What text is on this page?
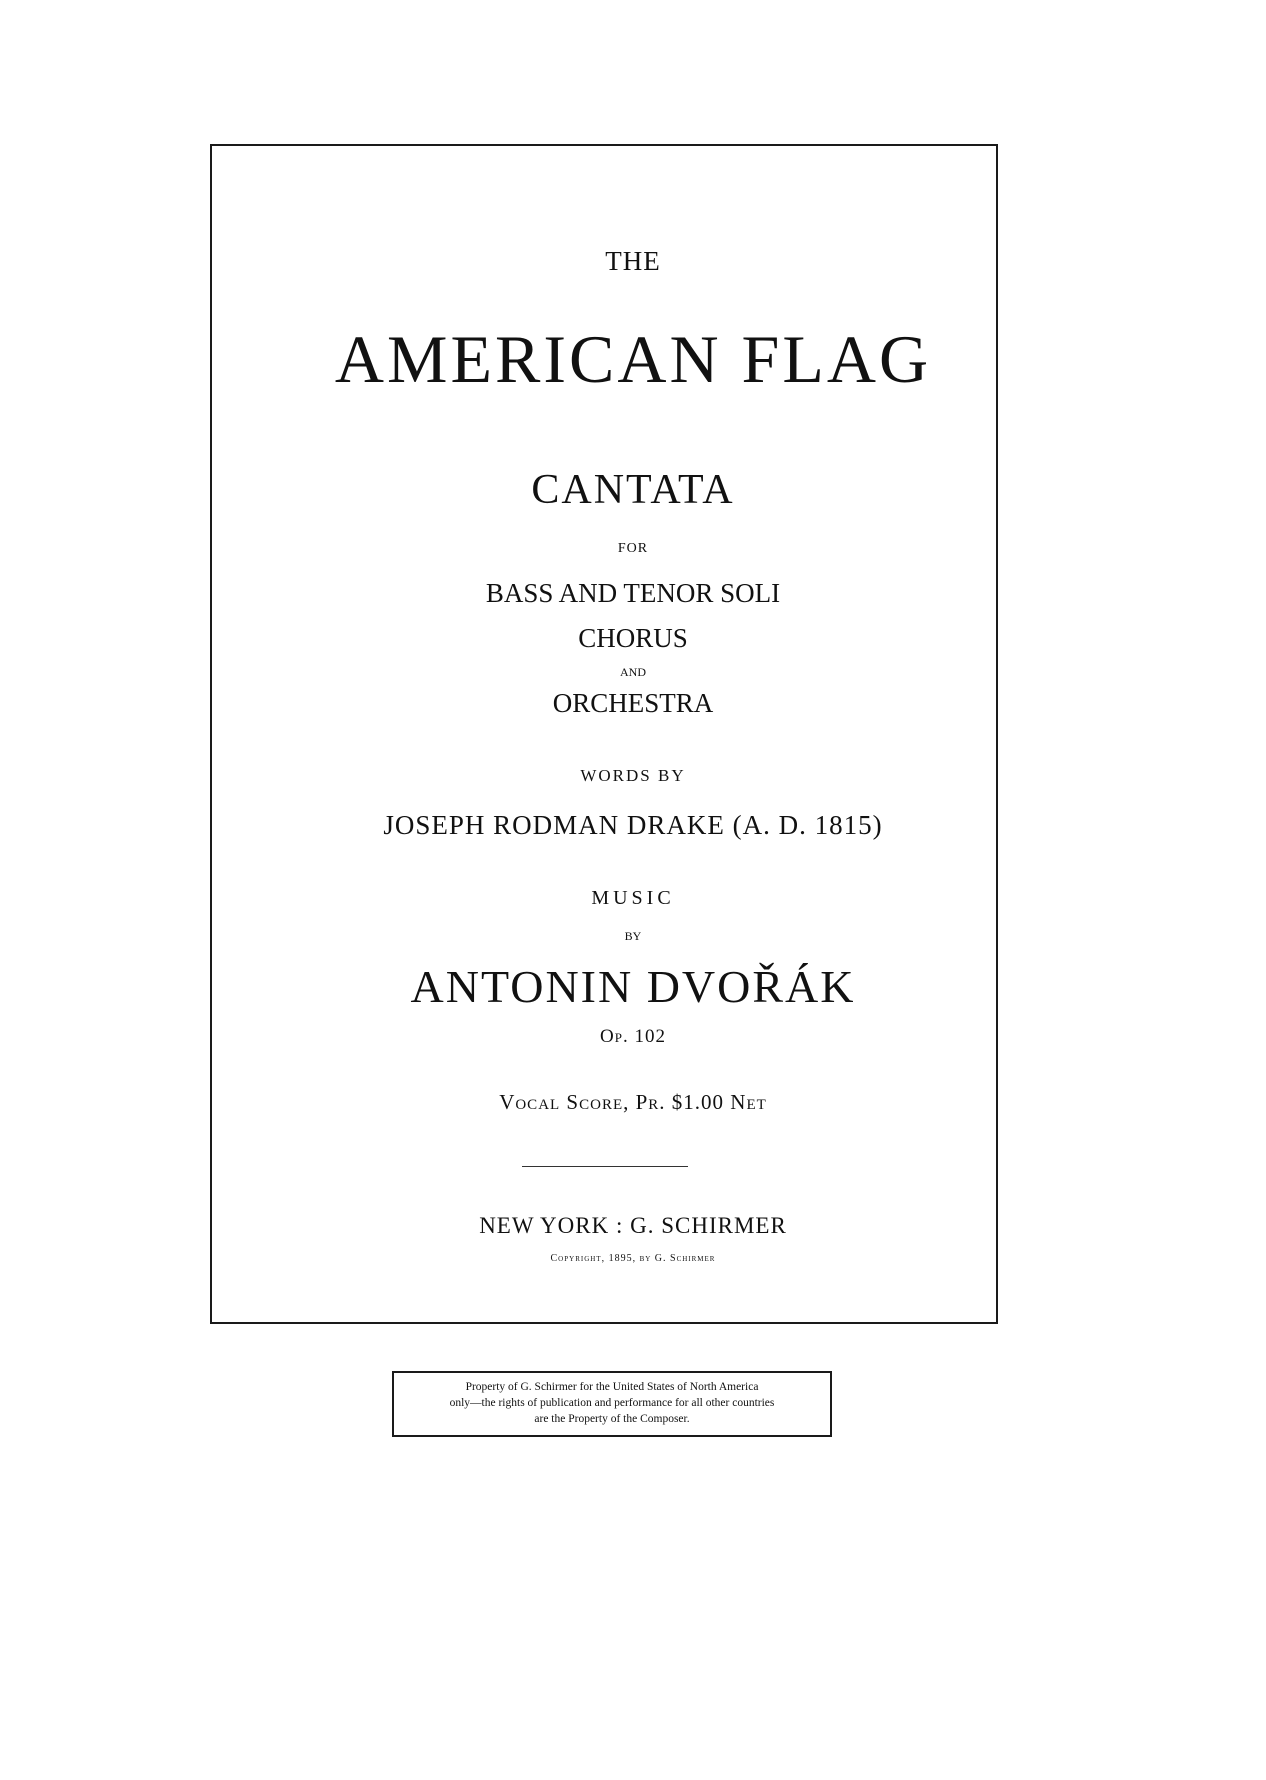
THE
AMERICAN FLAG
CANTATA
FOR
BASS AND TENOR SOLI
CHORUS
AND
ORCHESTRA
WORDS BY
JOSEPH RODMAN DRAKE (A. D. 1815)
MUSIC
BY
ANTONIN DVOŘÁK
Op. 102
Vocal Score, Pr. $1.00 Net
NEW YORK : G. SCHIRMER
Copyright, 1895, by G. Schirmer
Property of G. Schirmer for the United States of North America
only—the rights of publication and performance for all other countries
are the Property of the Composer.
